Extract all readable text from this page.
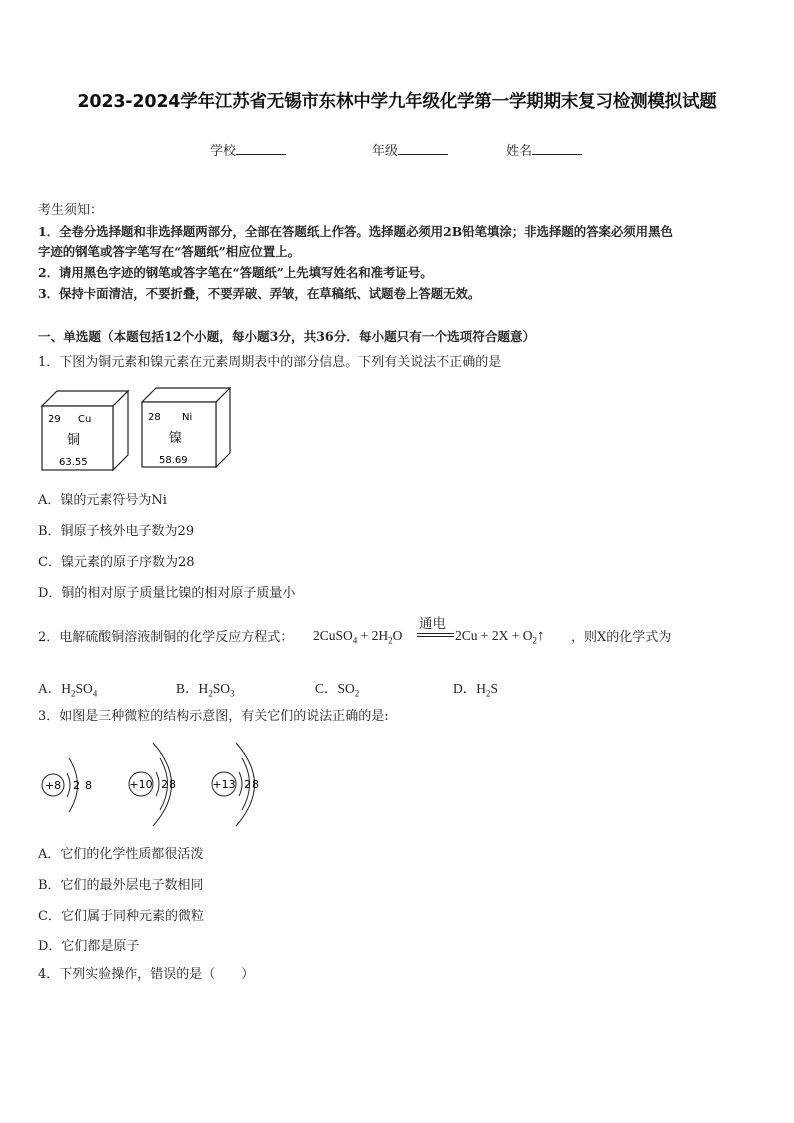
2023-2024学年江苏省无锡市东林中学九年级化学第一学期期末复习检测模拟试题
学校	年级	姓名
考生须知：
1．全卷分选择题和非选择题两部分，全部在答题纸上作答。选择题必须用2B铅笔填涂；非选择题的答案必须用黑色
字迹的钢笔或答字笔写在“答题纸”相应位置上。
2．请用黑色字迹的钢笔或答字笔在“答题纸”上先填写姓名和准考证号。
3．保持卡面清洁，不要折叠，不要弄破、弄皱，在草稿纸、试题卷上答题无效。
一、单选题（本题包括12个小题，每小题3分，共36分．每小题只有一个选项符合题意）
1．下图为铜元素和镍元素在元素周期表中的部分信息。下列有关说法不正确的是
29 Cu
铜
63.55
28 Ni
镍
58.69
A．镍的元素符号为Ni
B．铜原子核外电子数为29
C．镍元素的原子序数为28
D．铜的相对原子质量比镍的相对原子质量小
2．电解硫酸铜溶液制铜的化学反应方程式： 2CuSO$_4$ + $2H_2O$
通电
$2Cu + 2X + O_2↑$ ，则X的化学式为
A．$H_2SO_4$	B．$H_2SO_3$	C．$SO_2$	D．$H_2S$
3．如图是三种微粒的结构示意图，有关它们的说法正确的是:
+8 2 8	+10 2 8	+13 2 8
A．它们的化学性质都很活泼
B．它们的最外层电子数相同
C．它们属于同种元素的微粒
D．它们都是原子
4．下列实验操作，错误的是（　　）
